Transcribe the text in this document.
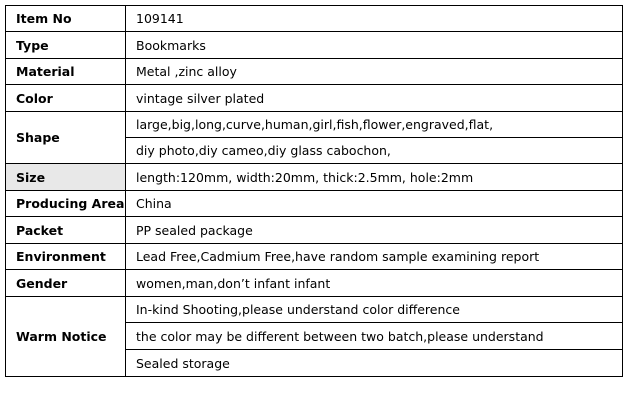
Item No	109141
Type	Bookmarks
Material	Metal ,zinc alloy
Color	vintage silver plated
Shape	large,big,long,curve,human,girl,fish,flower,engraved,flat,
	diy photo,diy cameo,diy glass cabochon,
Size	length:120mm, width:20mm, thick:2.5mm, hole:2mm
Producing Area	China
Packet	PP sealed package
Environment	Lead Free,Cadmium Free,have random sample examining report
Gender	women,man,don’t infant infant
Warm Notice	In-kind Shooting,please understand color difference
	the color may be different between two batch,please understand
	Sealed storage
